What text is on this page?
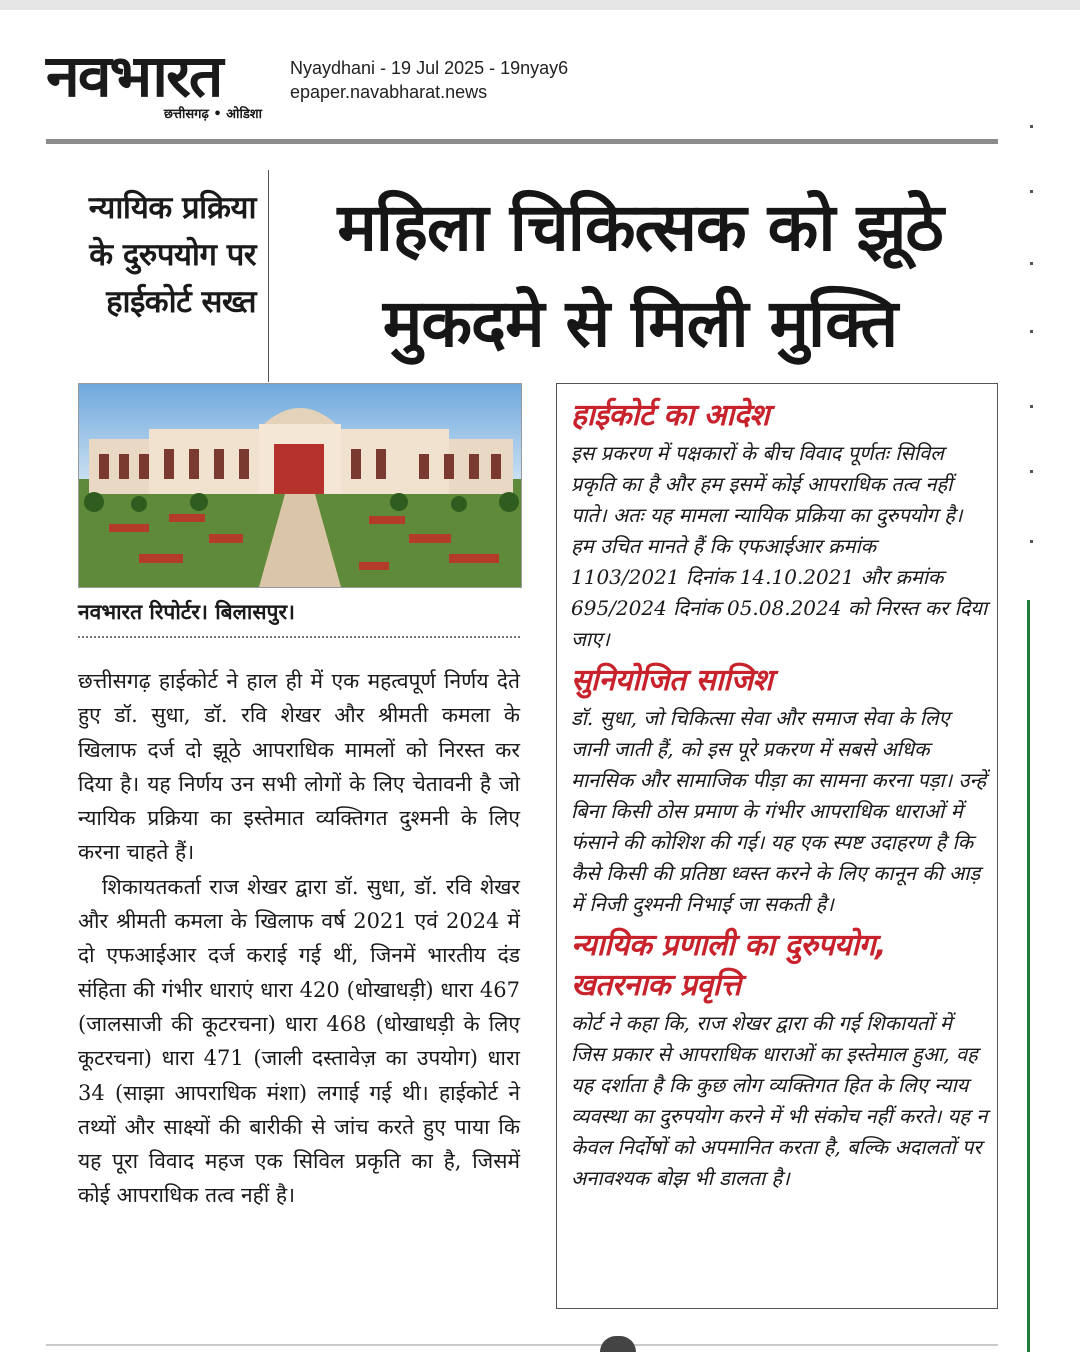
नवभारत
छत्तीसगढ़ • ओडिशा
Nyaydhani - 19 Jul 2025 - 19nyay6
epaper.navabharat.news
न्यायिक प्रक्रिया के दुरुपयोग पर हाईकोर्ट सख्त
महिला चिकित्सक को झूठे
मुकदमे से मिली मुक्ति
नवभारत रिपोर्टर। बिलासपुर।

छत्तीसगढ़ हाईकोर्ट ने हाल ही में एक महत्वपूर्ण निर्णय देते हुए डॉ. सुधा, डॉ. रवि शेखर और श्रीमती कमला के खिलाफ दर्ज दो झूठे आपराधिक मामलों को निरस्त कर दिया है। यह निर्णय उन सभी लोगों के लिए चेतावनी है जो न्यायिक प्रक्रिया का इस्तेमात व्यक्तिगत दुश्मनी के लिए करना चाहते हैं।

शिकायतकर्ता राज शेखर द्वारा डॉ. सुधा, डॉ. रवि शेखर और श्रीमती कमला के खिलाफ वर्ष 2021 एवं 2024 में दो एफआईआर दर्ज कराई गई थीं, जिनमें भारतीय दंड संहिता की गंभीर धाराएं धारा 420 (धोखाधड़ी) धारा 467 (जालसाजी की कूटरचना) धारा 468 (धोखाधड़ी के लिए कूटरचना) धारा 471 (जाली दस्तावेज़ का उपयोग) धारा 34 (साझा आपराधिक मंशा) लगाई गई थी। हाईकोर्ट ने तथ्यों और साक्ष्यों की बारीकी से जांच करते हुए पाया कि यह पूरा विवाद महज एक सिविल प्रकृति का है, जिसमें कोई आपराधिक तत्व नहीं है।

हाईकोर्ट का आदेश
इस प्रकरण में पक्षकारों के बीच विवाद पूर्णतः सिविल प्रकृति का है और हम इसमें कोई आपराधिक तत्व नहीं पाते। अतः यह मामला न्यायिक प्रक्रिया का दुरुपयोग है। हम उचित मानते हैं कि एफआईआर क्रमांक 1103/2021 दिनांक 14.10.2021 और क्रमांक 695/2024 दिनांक 05.08.2024 को निरस्त कर दिया जाए।
सुनियोजित साजिश
डॉ. सुधा, जो चिकित्सा सेवा और समाज सेवा के लिए जानी जाती हैं, को इस पूरे प्रकरण में सबसे अधिक मानसिक और सामाजिक पीड़ा का सामना करना पड़ा। उन्हें बिना किसी ठोस प्रमाण के गंभीर आपराधिक धाराओं में फंसाने की कोशिश की गई। यह एक स्पष्ट उदाहरण है कि कैसे किसी की प्रतिष्ठा ध्वस्त करने के लिए कानून की आड़ में निजी दुश्मनी निभाई जा सकती है।
न्यायिक प्रणाली का दुरुपयोग, खतरनाक प्रवृत्ति
कोर्ट ने कहा कि, राज शेखर द्वारा की गई शिकायतों में जिस प्रकार से आपराधिक धाराओं का इस्तेमाल हुआ, वह यह दर्शाता है कि कुछ लोग व्यक्तिगत हित के लिए न्याय व्यवस्था का दुरुपयोग करने में भी संकोच नहीं करते। यह न केवल निर्दोषों को अपमानित करता है, बल्कि अदालतों पर अनावश्यक बोझ भी डालता है।
